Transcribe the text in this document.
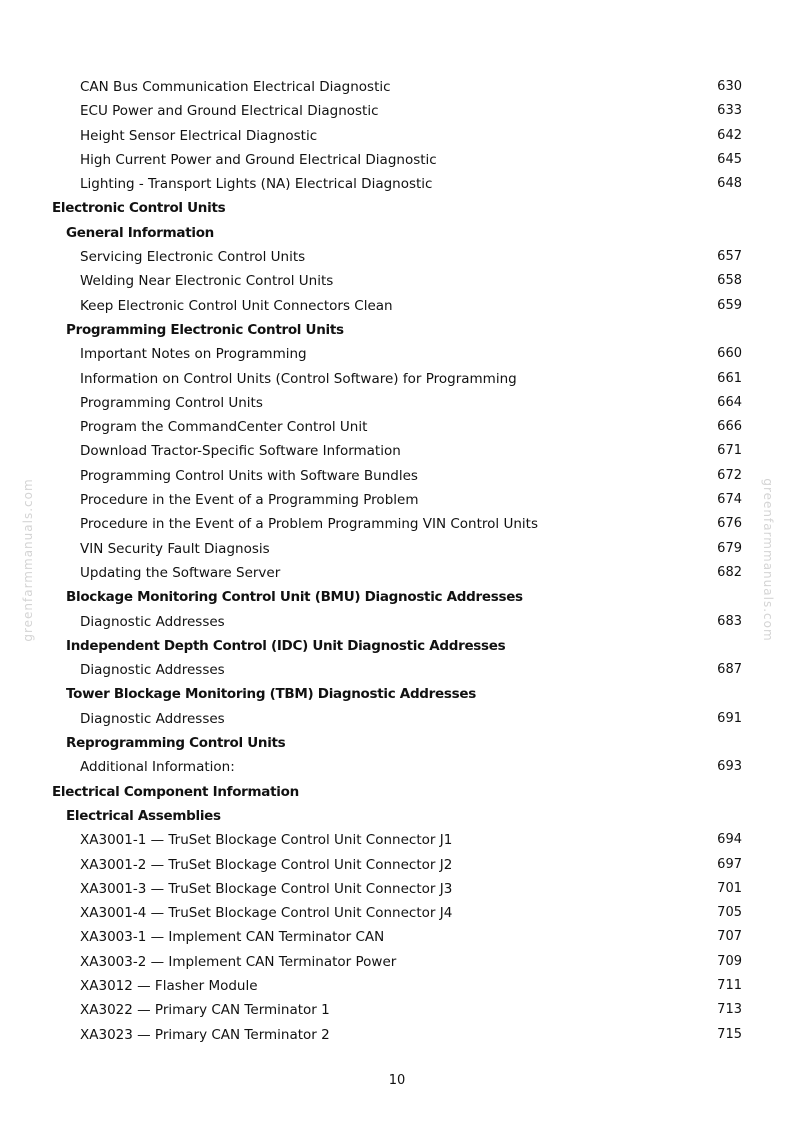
CAN Bus Communication Electrical Diagnostic	630
ECU Power and Ground Electrical Diagnostic	633
Height Sensor Electrical Diagnostic	642
High Current Power and Ground Electrical Diagnostic	645
Lighting - Transport Lights (NA) Electrical Diagnostic	648
Electronic Control Units
General Information
Servicing Electronic Control Units	657
Welding Near Electronic Control Units	658
Keep Electronic Control Unit Connectors Clean	659
Programming Electronic Control Units
Important Notes on Programming	660
Information on Control Units (Control Software) for Programming	661
Programming Control Units	664
Program the CommandCenter Control Unit	666
Download Tractor-Specific Software Information	671
Programming Control Units with Software Bundles	672
Procedure in the Event of a Programming Problem	674
Procedure in the Event of a Problem Programming VIN Control Units	676
VIN Security Fault Diagnosis	679
Updating the Software Server	682
Blockage Monitoring Control Unit (BMU) Diagnostic Addresses
Diagnostic Addresses	683
Independent Depth Control (IDC) Unit Diagnostic Addresses
Diagnostic Addresses	687
Tower Blockage Monitoring (TBM) Diagnostic Addresses
Diagnostic Addresses	691
Reprogramming Control Units
Additional Information:	693
Electrical Component Information
Electrical Assemblies
XA3001-1 — TruSet Blockage Control Unit Connector J1	694
XA3001-2 — TruSet Blockage Control Unit Connector J2	697
XA3001-3 — TruSet Blockage Control Unit Connector J3	701
XA3001-4 — TruSet Blockage Control Unit Connector J4	705
XA3003-1 — Implement CAN Terminator CAN	707
XA3003-2 — Implement CAN Terminator Power	709
XA3012 — Flasher Module	711
XA3022 — Primary CAN Terminator 1	713
XA3023 — Primary CAN Terminator 2	715
10
greenfarmmanuals.com	greenfarmmanuals.com
